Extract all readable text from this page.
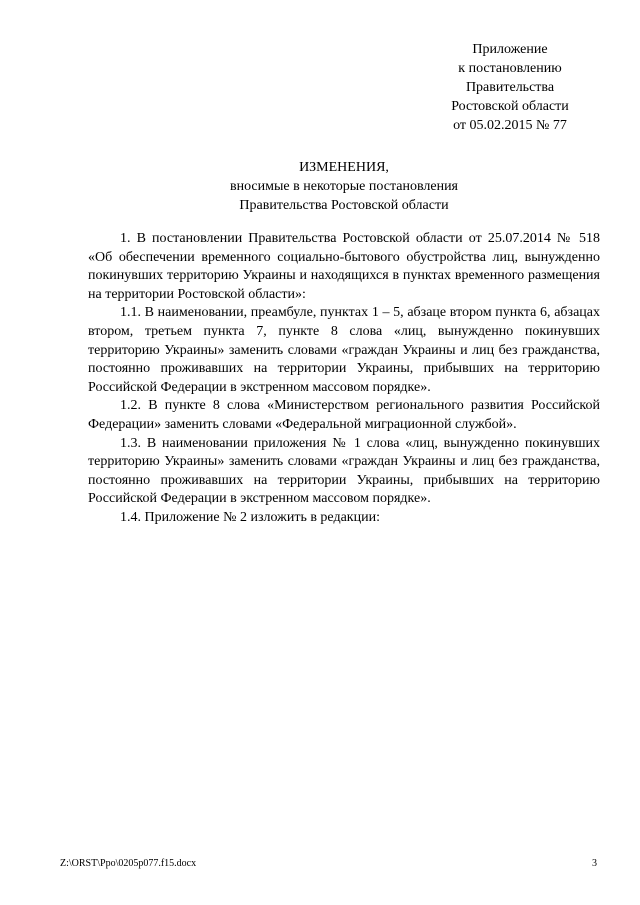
Приложение
к постановлению
Правительства
Ростовской области
от 05.02.2015 № 77
ИЗМЕНЕНИЯ,
вносимые в некоторые постановления
Правительства Ростовской области

1. В постановлении Правительства Ростовской области от 25.07.2014 № 518 «Об обеспечении временного социально-бытового обустройства лиц, вынужденно покинувших территорию Украины и находящихся в пунктах временного размещения на территории Ростовской области»:

1.1. В наименовании, преамбуле, пунктах 1 – 5, абзаце втором пункта 6, абзацах втором, третьем пункта 7, пункте 8 слова «лиц, вынужденно покинувших территорию Украины» заменить словами «граждан Украины и лиц без гражданства, постоянно проживавших на территории Украины, прибывших на территорию Российской Федерации в экстренном массовом порядке».

1.2. В пункте 8 слова «Министерством регионального развития Российской Федерации» заменить словами «Федеральной миграционной службой».

1.3. В наименовании приложения № 1 слова «лиц, вынужденно покинувших территорию Украины» заменить словами «граждан Украины и лиц без гражданства, постоянно проживавших на территории Украины, прибывших на территорию Российской Федерации в экстренном массовом порядке».

1.4. Приложение № 2 изложить в редакции:

Z:\ORST\Ppo\0205p077.f15.docx	3
